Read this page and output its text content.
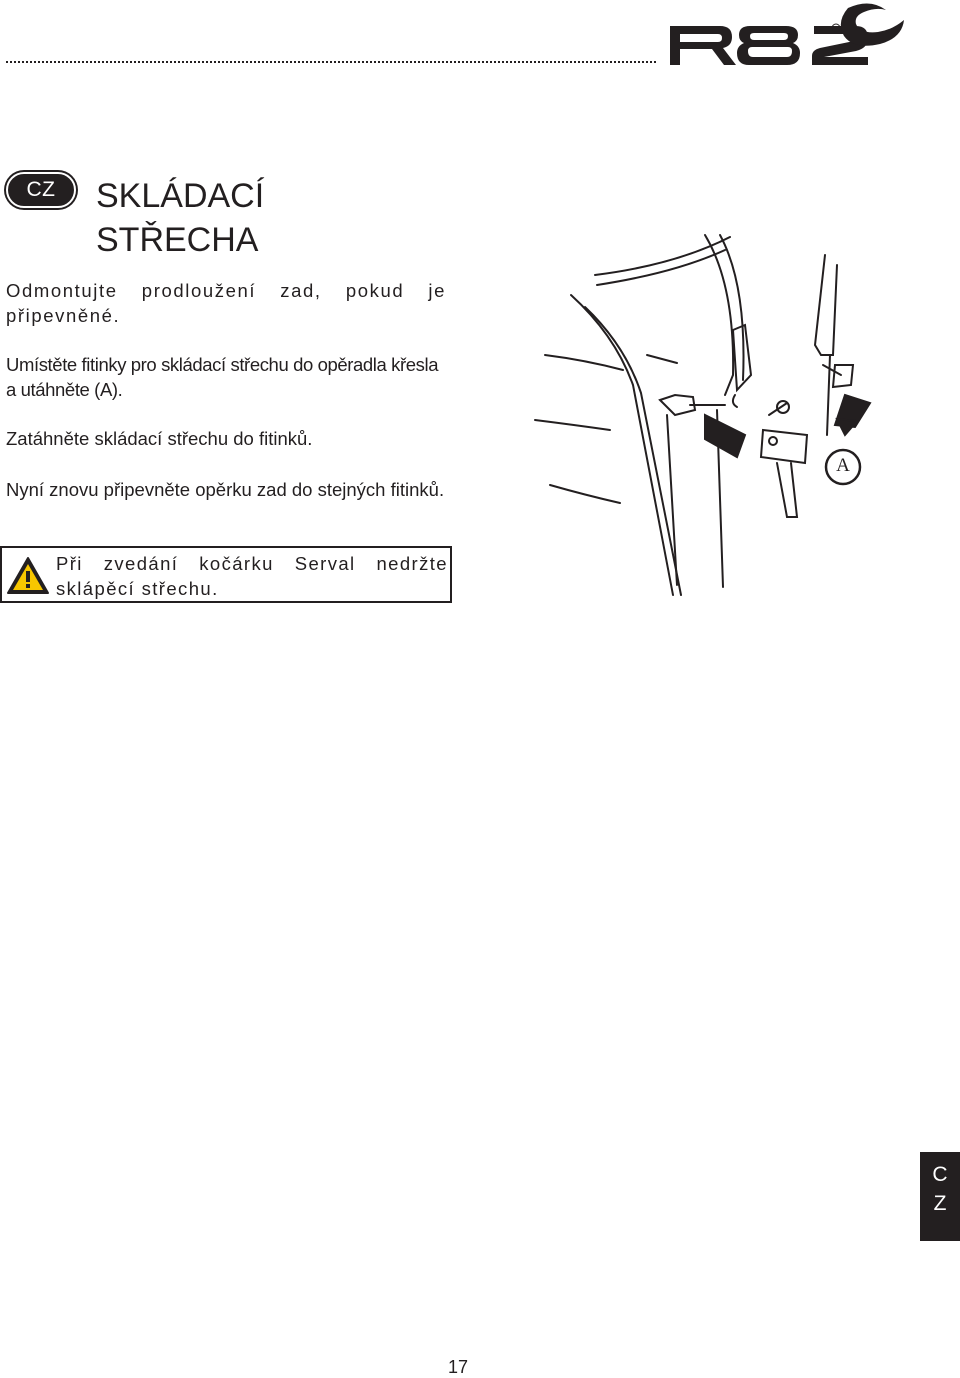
CZ	SKLÁDACÍ
STŘECHA

Odmontujte prodloužení zad, pokud je připevněné.

Umístěte fitinky pro skládací střechu do opěradla křesla a utáhněte (A).

Zatáhněte skládací střechu do fitinků.

Nyní znovu připevněte opěrku zad do stejných fitinků.

Při zvedání kočárku Serval nedržte sklápěcí střechu.

A
C
Z
17
